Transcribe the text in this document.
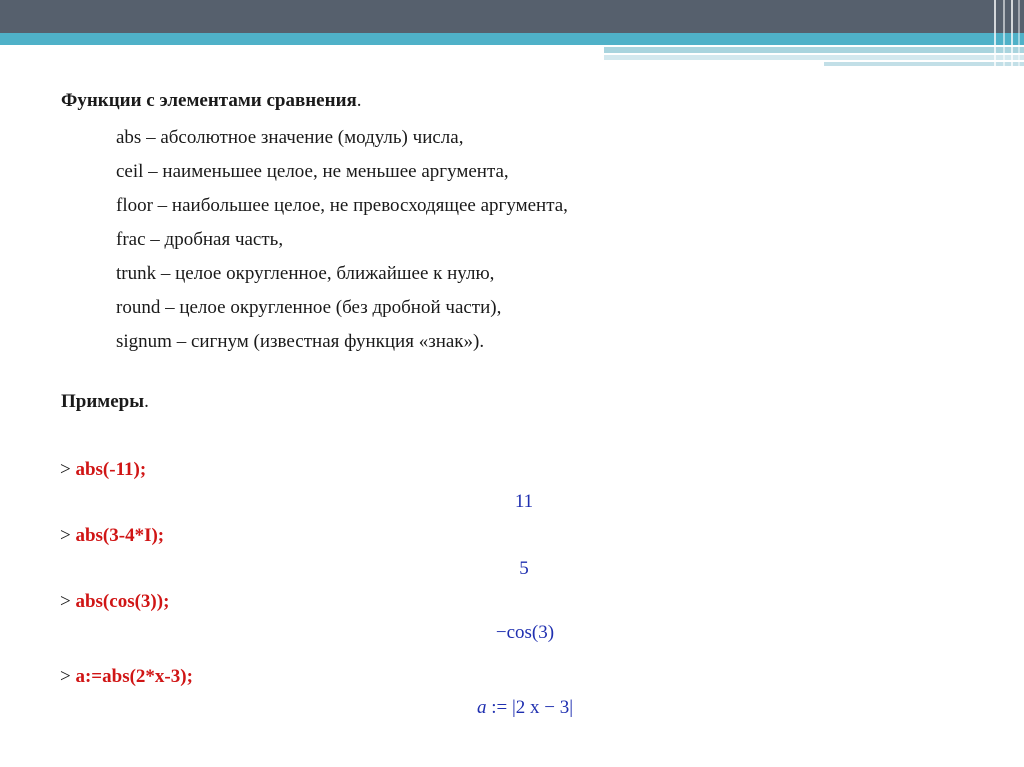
Функции с элементами сравнения.
abs – абсолютное значение (модуль) числа,
ceil – наименьшее целое, не меньшее аргумента,
floor – наибольшее целое, не превосходящее аргумента,
frac – дробная часть,
trunk – целое округленное, ближайшее к нулю,
round – целое округленное (без дробной части),
signum – сигнум (известная функция «знак»).
Примеры.
> abs(-11);
11
> abs(3-4*I);
5
> abs(cos(3));
−cos(3)
> a:=abs(2*x-3);
a := |2 x − 3|
